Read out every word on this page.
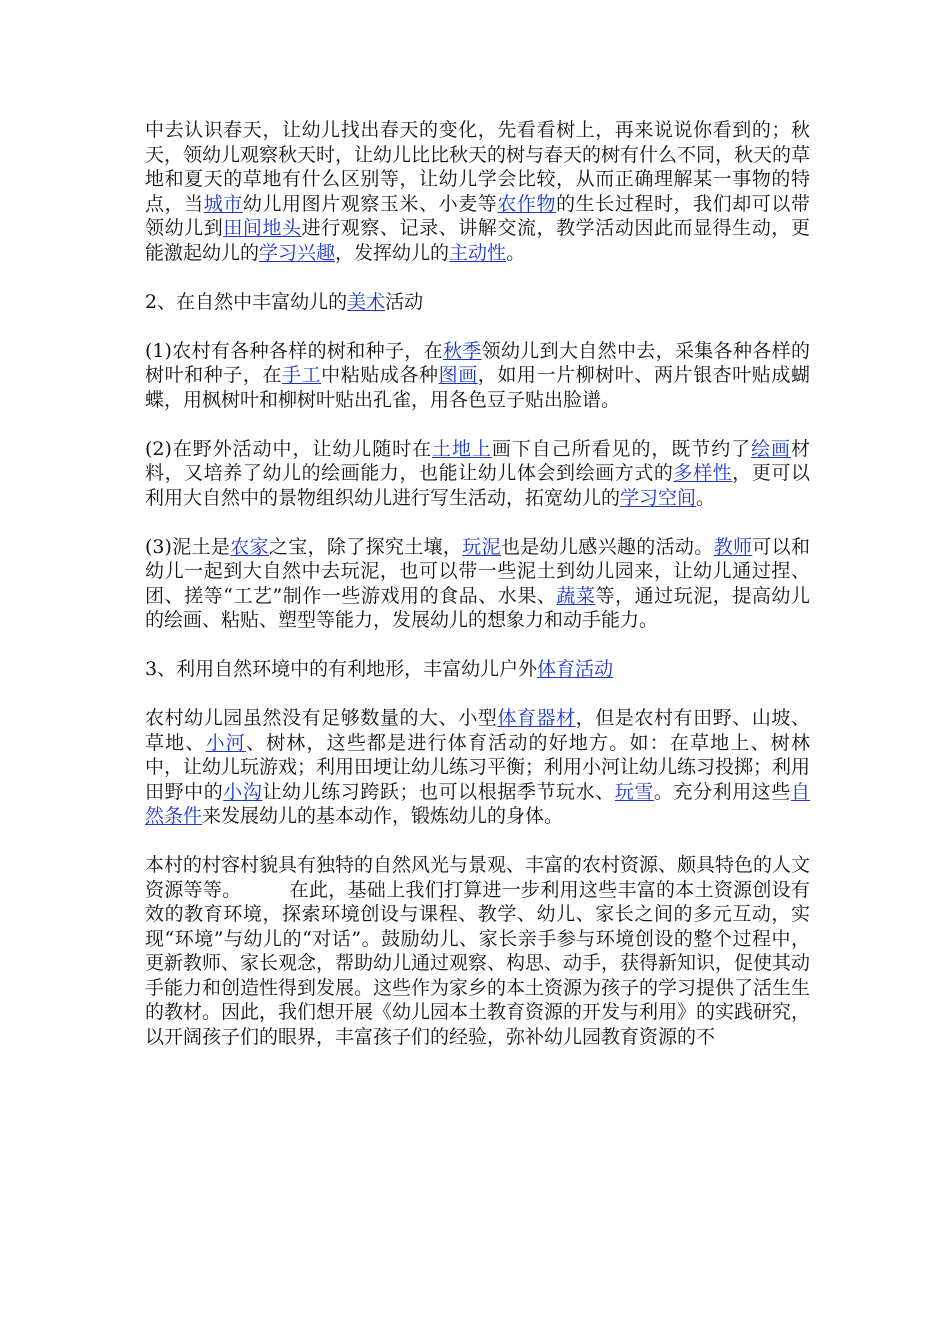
中去认识春天，让幼儿找出春天的变化，先看看树上，再来说说你看到的；秋天，领幼儿观察秋天时，让幼儿比比秋天的树与春天的树有什么不同，秋天的草地和夏天的草地有什么区别等，让幼儿学会比较，从而正确理解某一事物的特点，当城市幼儿用图片观察玉米、小麦等农作物的生长过程时，我们却可以带领幼儿到田间地头进行观察、记录、讲解交流，教学活动因此而显得生动，更能激起幼儿的学习兴趣，发挥幼儿的主动性。

2、在自然中丰富幼儿的美术活动

(1)农村有各种各样的树和种子，在秋季领幼儿到大自然中去，采集各种各样的树叶和种子，在手工中粘贴成各种图画，如用一片柳树叶、两片银杏叶贴成蝴蝶，用枫树叶和柳树叶贴出孔雀，用各色豆子贴出脸谱。

(2)在野外活动中，让幼儿随时在土地上画下自己所看见的，既节约了绘画材料，又培养了幼儿的绘画能力，也能让幼儿体会到绘画方式的多样性，更可以利用大自然中的景物组织幼儿进行写生活动，拓宽幼儿的学习空间。

(3)泥土是农家之宝，除了探究土壤，玩泥也是幼儿感兴趣的活动。教师可以和幼儿一起到大自然中去玩泥，也可以带一些泥土到幼儿园来，让幼儿通过捏、团、搓等“工艺”制作一些游戏用的食品、水果、蔬菜等，通过玩泥，提高幼儿的绘画、粘贴、塑型等能力，发展幼儿的想象力和动手能力。

3、利用自然环境中的有利地形，丰富幼儿户外体育活动

农村幼儿园虽然没有足够数量的大、小型体育器材，但是农村有田野、山坡、草地、小河、树林，这些都是进行体育活动的好地方。如：在草地上、树林中，让幼儿玩游戏；利用田埂让幼儿练习平衡；利用小河让幼儿练习投掷；利用田野中的小沟让幼儿练习跨跃；也可以根据季节玩水、玩雪。充分利用这些自然条件来发展幼儿的基本动作，锻炼幼儿的身体。

本村的村容村貌具有独特的自然风光与景观、丰富的农村资源、颇具特色的人文资源等等。	在此，基础上我们打算进一步利用这些丰富的本土资源创设有效的教育环境，探索环境创设与课程、教学、幼儿、家长之间的多元互动，实现“环境”与幼儿的“对话”。鼓励幼儿、家长亲手参与环境创设的整个过程中，更新教师、家长观念，帮助幼儿通过观察、构思、动手，获得新知识，促使其动手能力和创造性得到发展。这些作为家乡的本土资源为孩子的学习提供了活生生的教材。因此，我们想开展《幼儿园本土教育资源的开发与利用》的实践研究，以开阔孩子们的眼界，丰富孩子们的经验，弥补幼儿园教育资源的不
